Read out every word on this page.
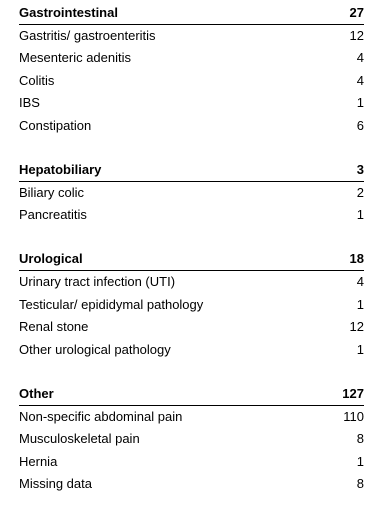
Gastrointestinal	27
Gastritis/ gastroenteritis	12
Mesenteric adenitis	4
Colitis	4
IBS	1
Constipation	6
Hepatobiliary	3
Biliary colic	2
Pancreatitis	1
Urological	18
Urinary tract infection (UTI)	4
Testicular/ epididymal pathology	1
Renal stone	12
Other urological pathology	1
Other	127
Non-specific abdominal pain	110
Musculoskeletal pain	8
Hernia	1
Missing data	8
